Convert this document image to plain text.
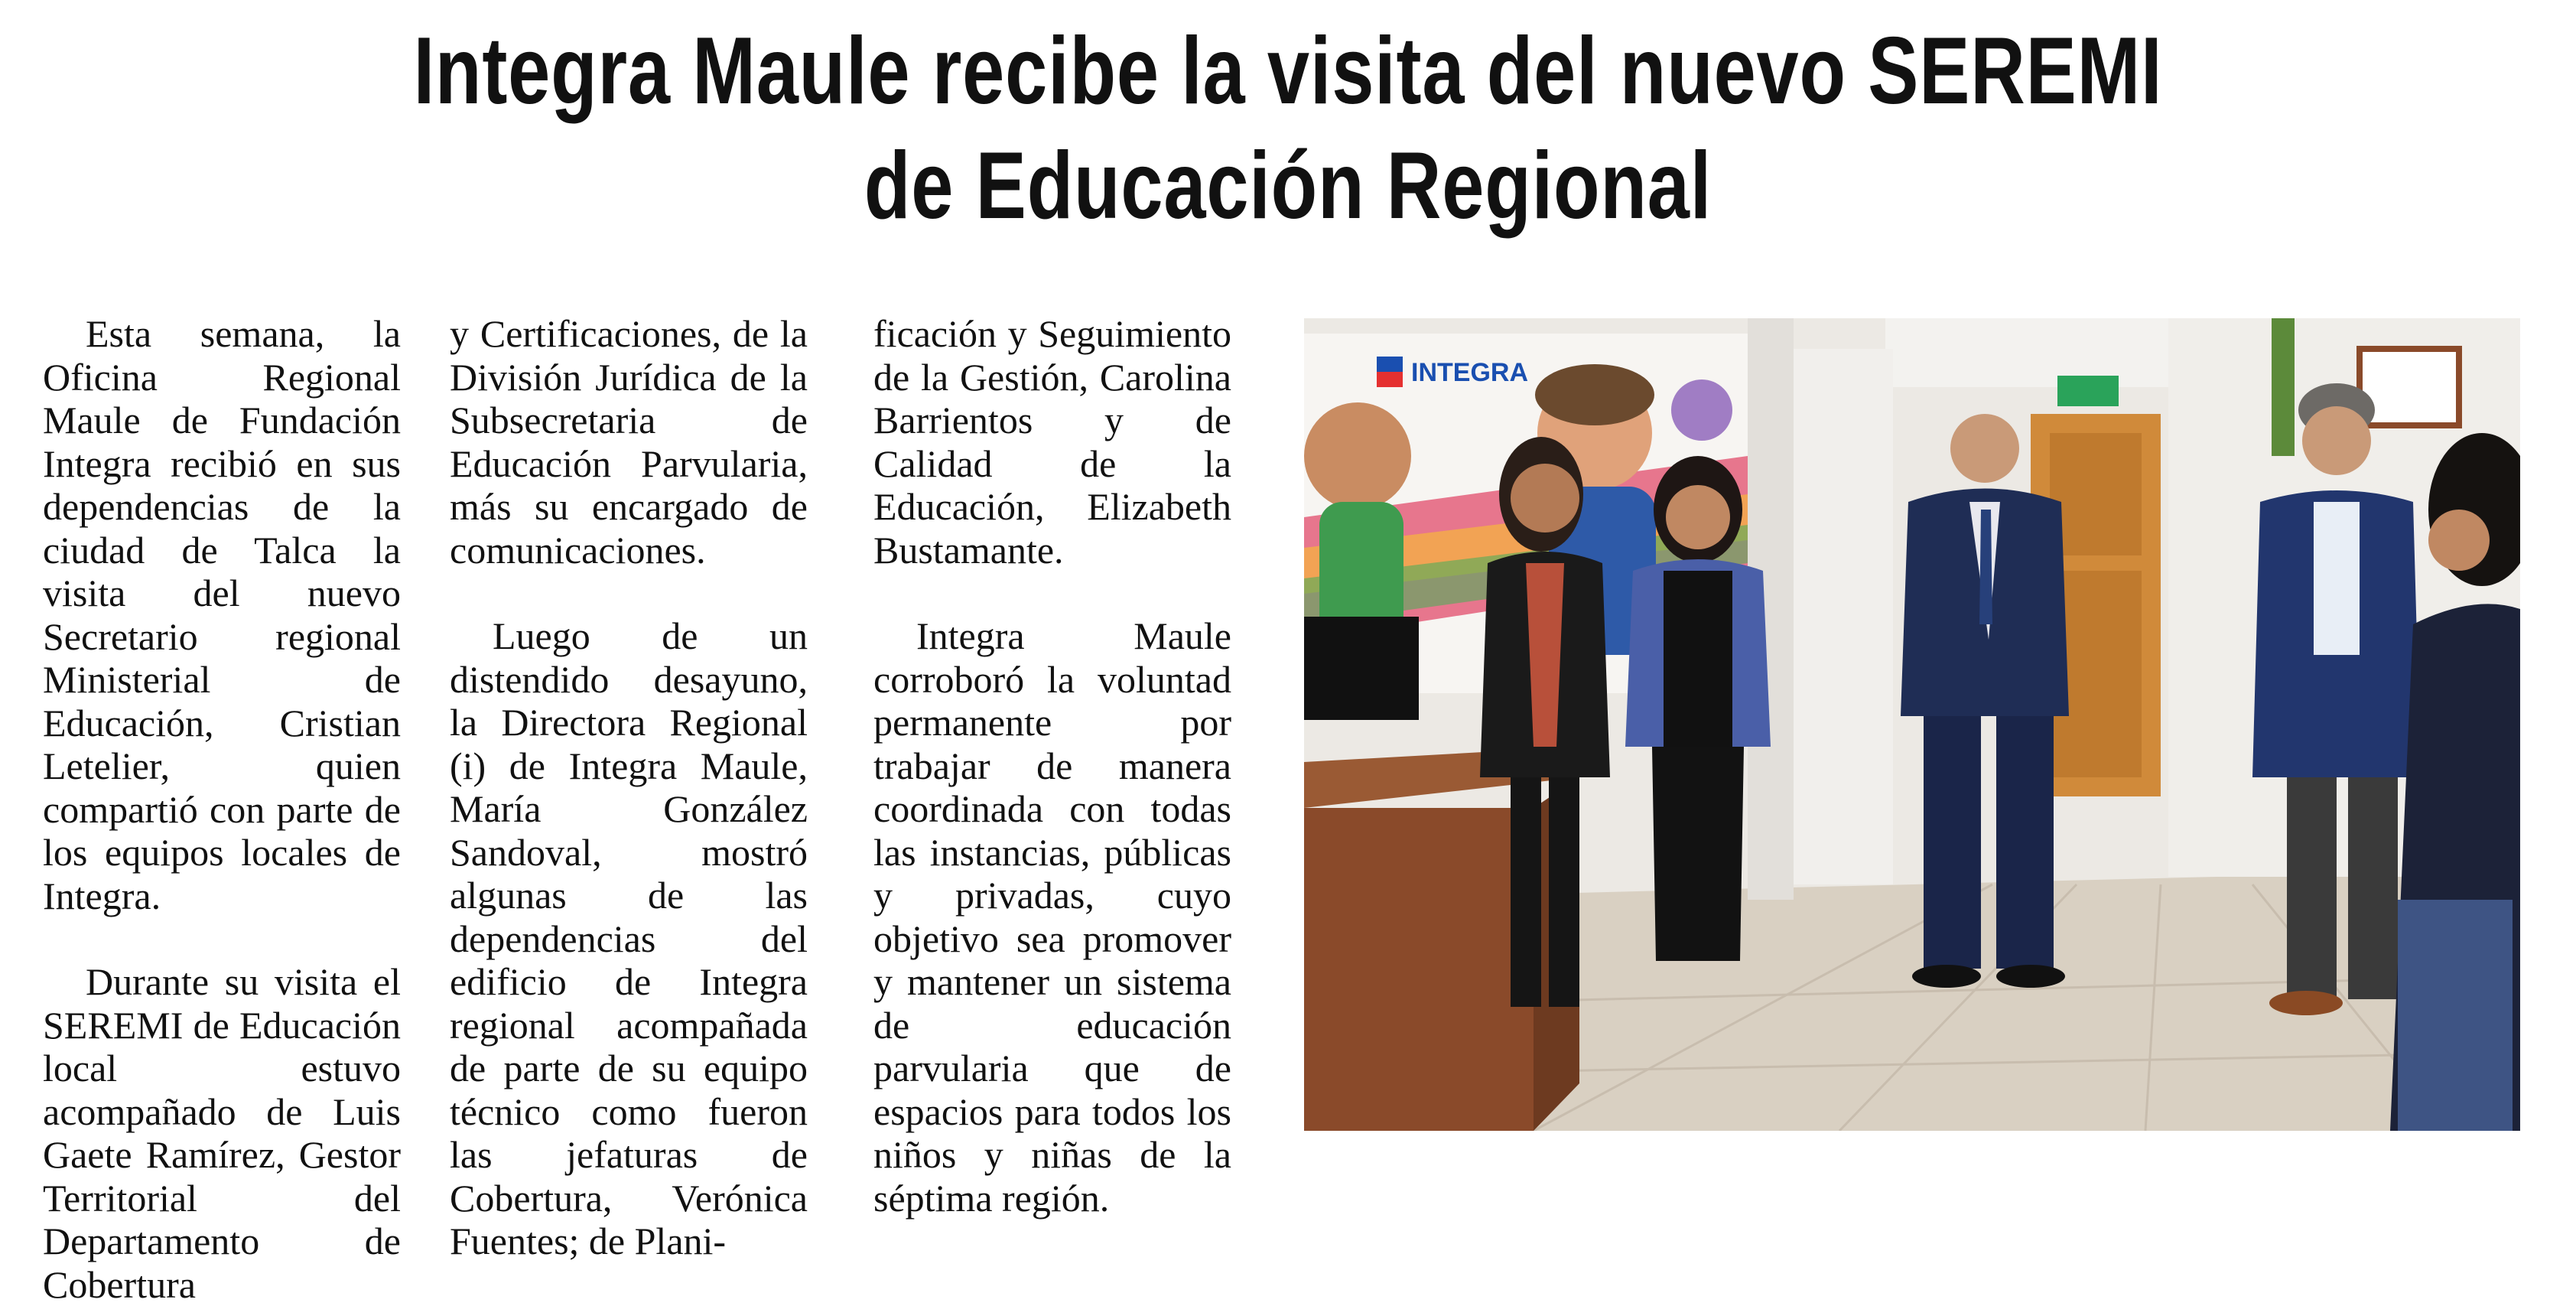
Integra Maule recibe la visita del nuevo SEREMI
de Educación Regional

Esta semana, la Oficina Regional Maule de Fundación Integra recibió en sus dependencias de la ciudad de Talca la visita del nuevo Secretario regional Ministerial de Educación, Cristian Letelier, quien compartió con parte de los equipos locales de Integra.

Durante su visita el SEREMI de Educación local estuvo acompañado de Luis Gaete Ramírez, Gestor Territorial del Departamento de Cobertura

y Certificaciones, de la División Jurídica de la Subsecretaria de Educación Parvularia, más su encargado de comunicaciones.

Luego de un distendido desayuno, la Directora Regional (i) de Integra Maule, María González Sandoval, mostró algunas de las dependencias del edificio de Integra regional acompañada de parte de su equipo técnico como fueron las jefaturas de Cobertura, Verónica Fuentes; de Plani-

ficación y Seguimiento de la Gestión, Carolina Barrientos y de Calidad de la Educación, Elizabeth Bustamante.

Integra Maule corroboró la voluntad permanente por trabajar de manera coordinada con todas las instancias, públicas y privadas, cuyo objetivo sea promover y mantener un sistema de educación parvularia que de espacios para todos los niños y niñas de la séptima región.

INTEGRA
